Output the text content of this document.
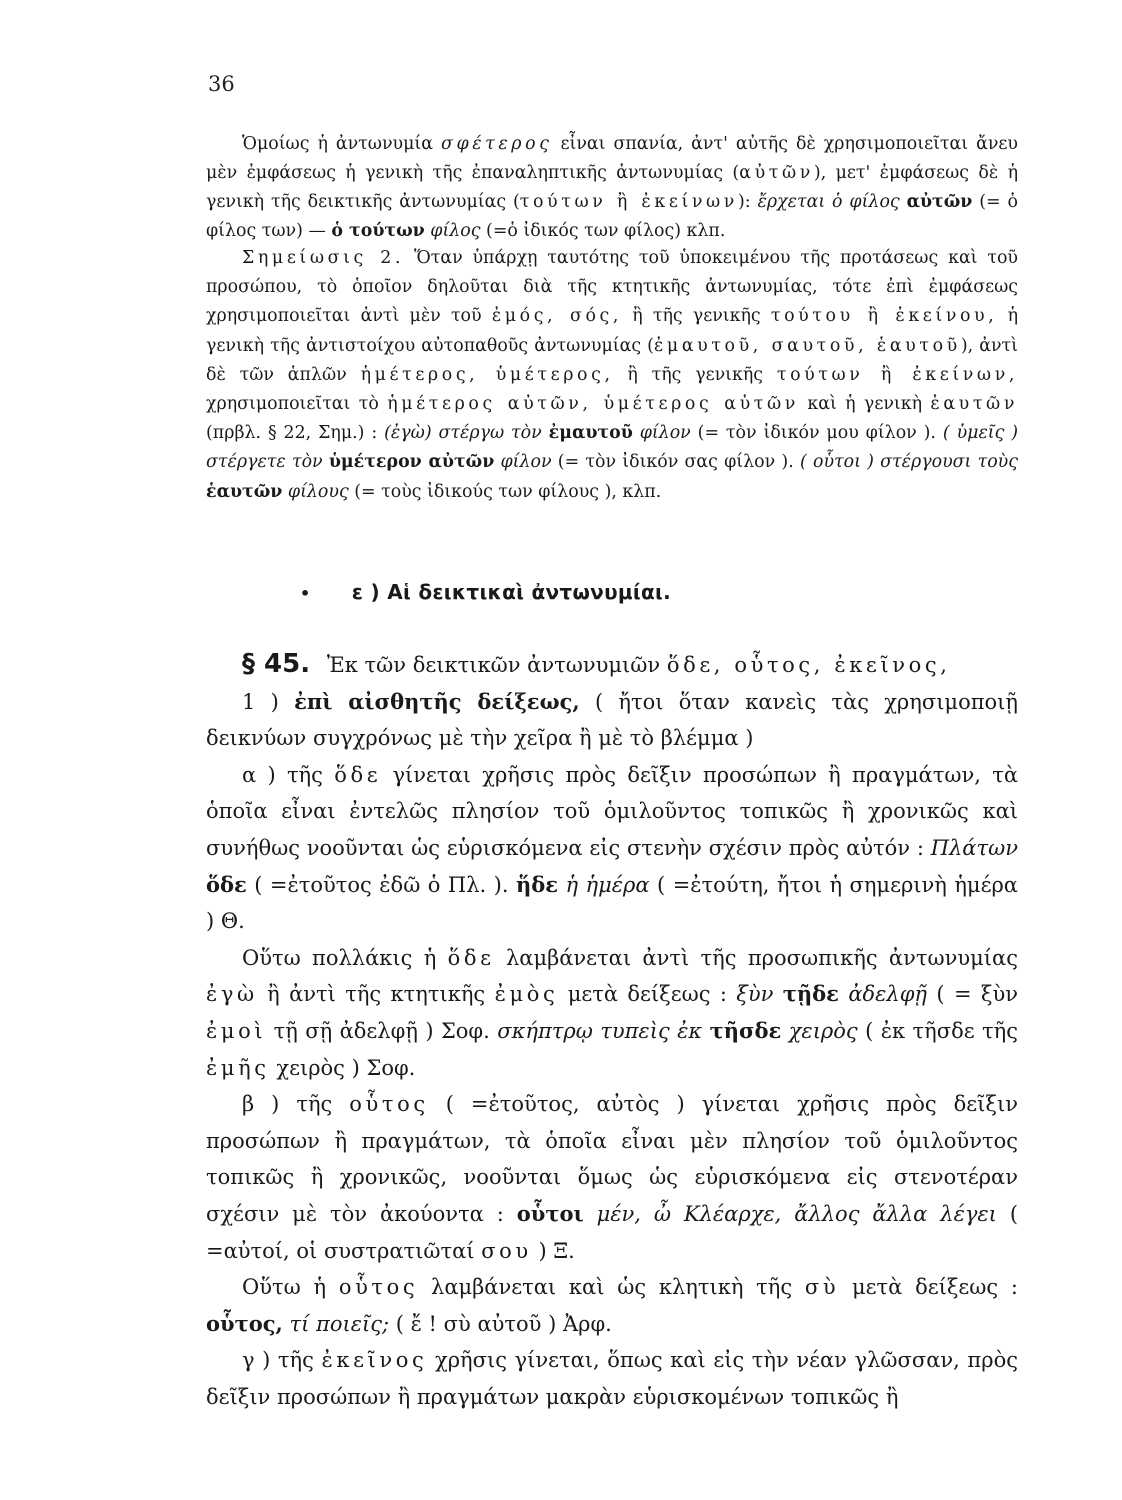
36

Ὁμοίως ἡ ἀντωνυμία σφέτερος εἶναι σπανία, ἀντ' αὐτῆς δὲ χρησιμοποιεῖται ἄνευ μὲν ἐμφάσεως ἡ γενικὴ τῆς ἐπαναληπτικῆς ἀντωνυμίας (αὐτῶν), μετ' ἐμφάσεως δὲ ἡ γενικὴ τῆς δεικτικῆς ἀντωνυμίας (τούτων ἢ ἐκείνων): ἔρχεται ὁ φίλος αὐτῶν (= ὁ φίλος των) — ὁ τούτων φίλος (=ὁ ἰδικός των φίλος) κλπ.

Σημείωσις 2. Ὅταν ὑπάρχῃ ταυτότης τοῦ ὑποκειμένου τῆς προτάσεως καὶ τοῦ προσώπου, τὸ ὁποῖον δηλοῦται διὰ τῆς κτητικῆς ἀντωνυμίας, τότε ἐπὶ ἐμφάσεως χρησιμοποιεῖται ἀντὶ μὲν τοῦ ἐμός, σός, ἢ τῆς γενικῆς τούτου ἢ ἐκείνου, ἡ γενικὴ τῆς ἀντιστοίχου αὐτοπαθοῦς ἀντωνυμίας (ἐμαυτοῦ, σαυτοῦ, ἑαυτοῦ), ἀντὶ δὲ τῶν ἁπλῶν ἡμέτερος, ὑμέτερος, ἢ τῆς γενικῆς τούτων ἢ ἐκείνων, χρησιμοποιεῖται τὸ ἡμέτερος αὐτῶν, ὑμέτερος αὐτῶν καὶ ἡ γενικὴ ἑαυτῶν (πρβλ. § 22, Σημ.) : (ἐγὼ) στέργω τὸν ἐμαυτοῦ φίλον (= τὸν ἰδικόν μου φίλον ). ( ὑμεῖς ) στέργετε τὸν ὑμέτερον αὐτῶν φίλον (= τὸν ἰδικόν σας φίλον ). ( οὗτοι ) στέργουσι τοὺς ἑαυτῶν φίλους (= τοὺς ἰδικούς των φίλους ), κλπ.

• ε ) Αἱ δεικτικαὶ ἀντωνυμίαι.

§ 45. Ἐκ τῶν δεικτικῶν ἀντωνυμιῶν ὅδε, οὗτος, ἐκεῖνος,

1 ) ἐπὶ αἰσθητῆς δείξεως, ( ἤτοι ὅταν κανεὶς τὰς χρησιμοποιῇ δεικνύων συγχρόνως μὲ τὴν χεῖρα ἢ μὲ τὸ βλέμμα )

α ) τῆς ὅδε γίνεται χρῆσις πρὸς δεῖξιν προσώπων ἢ πραγμάτων, τὰ ὁποῖα εἶναι ἐντελῶς πλησίον τοῦ ὁμιλοῦντος τοπικῶς ἢ χρονικῶς καὶ συνήθως νοοῦνται ὡς εὑρισκόμενα εἰς στενὴν σχέσιν πρὸς αὐτόν : Πλάτων ὅδε ( =ἐτοῦτος ἐδῶ ὁ Πλ. ). ἥδε ἡ ἡμέρα ( =ἐτούτη, ἤτοι ἡ σημερινὴ ἡμέρα ) Θ.

Οὕτω πολλάκις ἡ ὅδε λαμβάνεται ἀντὶ τῆς προσωπικῆς ἀντωνυμίας ἐγὼ ἢ ἀντὶ τῆς κτητικῆς ἐμὸς μετὰ δείξεως : ξὺν τῇδε ἀδελφῇ ( = ξὺν ἐμοὶ τῇ σῇ ἀδελφῇ ) Σοφ. σκήπτρῳ τυπεὶς ἐκ τῆσδε χειρὸς ( ἐκ τῆσδε τῆς ἐμῆς χειρὸς ) Σοφ.

β ) τῆς οὗτος ( =ἐτοῦτος, αὐτὸς ) γίνεται χρῆσις πρὸς δεῖξιν προσώπων ἢ πραγμάτων, τὰ ὁποῖα εἶναι μὲν πλησίον τοῦ ὁμιλοῦντος τοπικῶς ἢ χρονικῶς, νοοῦνται ὅμως ὡς εὑρισκόμενα εἰς στενοτέραν σχέσιν μὲ τὸν ἀκούοντα : οὗτοι μέν, ὦ Κλέαρχε, ἄλλος ἄλλα λέγει ( =αὐτοί, οἱ συστρατιῶταί σου ) Ξ.

Οὕτω ἡ οὗτος λαμβάνεται καὶ ὡς κλητικὴ τῆς σὺ μετὰ δείξεως : οὗτος, τί ποιεῖς; ( ἔ ! σὺ αὐτοῦ ) Ἀρφ.

γ ) τῆς ἐκεῖνος χρῆσις γίνεται, ὅπως καὶ εἰς τὴν νέαν γλῶσσαν, πρὸς δεῖξιν προσώπων ἢ πραγμάτων μακρὰν εὑρισκομένων τοπικῶς ἢ
